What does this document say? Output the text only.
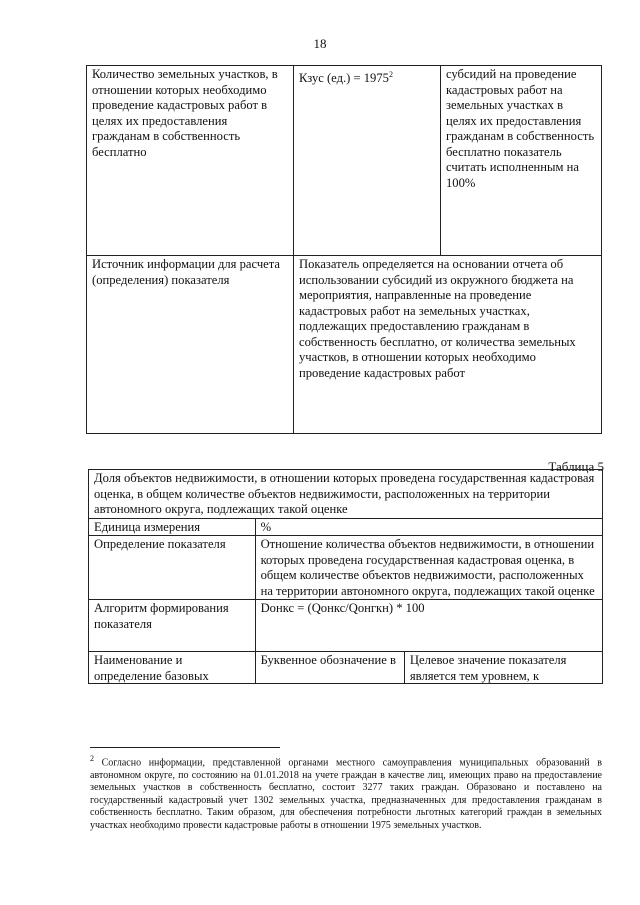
18
Количество земельных участков, в отношении которых необходимо проведение кадастровых работ в целях их предоставления гражданам в собственность бесплатно	Кзус $(ед.) = 1975^2$	субсидий на проведение кадастровых работ на земельных участках в целях их предоставления гражданам в собственность бесплатно показатель считать исполненным на 100%
Источник информации для расчета (определения) показателя	Показатель определяется на основании отчета об использовании субсидий из окружного бюджета на мероприятия, направленные на проведение кадастровых работ на земельных участках, подлежащих предоставлению гражданам в собственность бесплатно, от количества земельных участков, в отношении которых необходимо проведение кадастровых работ	
Таблица 5
Доля объектов недвижимости, в отношении которых проведена государственная кадастровая оценка, в общем количестве объектов недвижимости, расположенных на территории автономного округа, подлежащих такой оценке		
Единица измерения	%	
Определение показателя	Отношение количества объектов недвижимости, в отношении которых проведена государственная кадастровая оценка, в общем количестве объектов недвижимости, расположенных на территории автономного округа, подлежащих такой оценке	
Алгоритм формирования показателя	Dонкс = (Qонкс/Qонгкн) * 100	

Наименование и определение базовых	Буквенное обозначение в	Целевое значение показателя является тем уровнем, к
$^2$ Согласно информации, представленной органами местного самоуправления муниципальных образований в автономном округе, по состоянию на 01.01.2018 на учете граждан в качестве лиц, имеющих право на предоставление земельных участков в собственность бесплатно, состоит 3277 таких граждан. Образовано и поставлено на государственный кадастровый учет 1302 земельных участка, предназначенных для предоставления гражданам в собственность бесплатно. Таким образом, для обеспечения потребности льготных категорий граждан в земельных участках необходимо провести кадастровые работы в отношении 1975 земельных участков.
